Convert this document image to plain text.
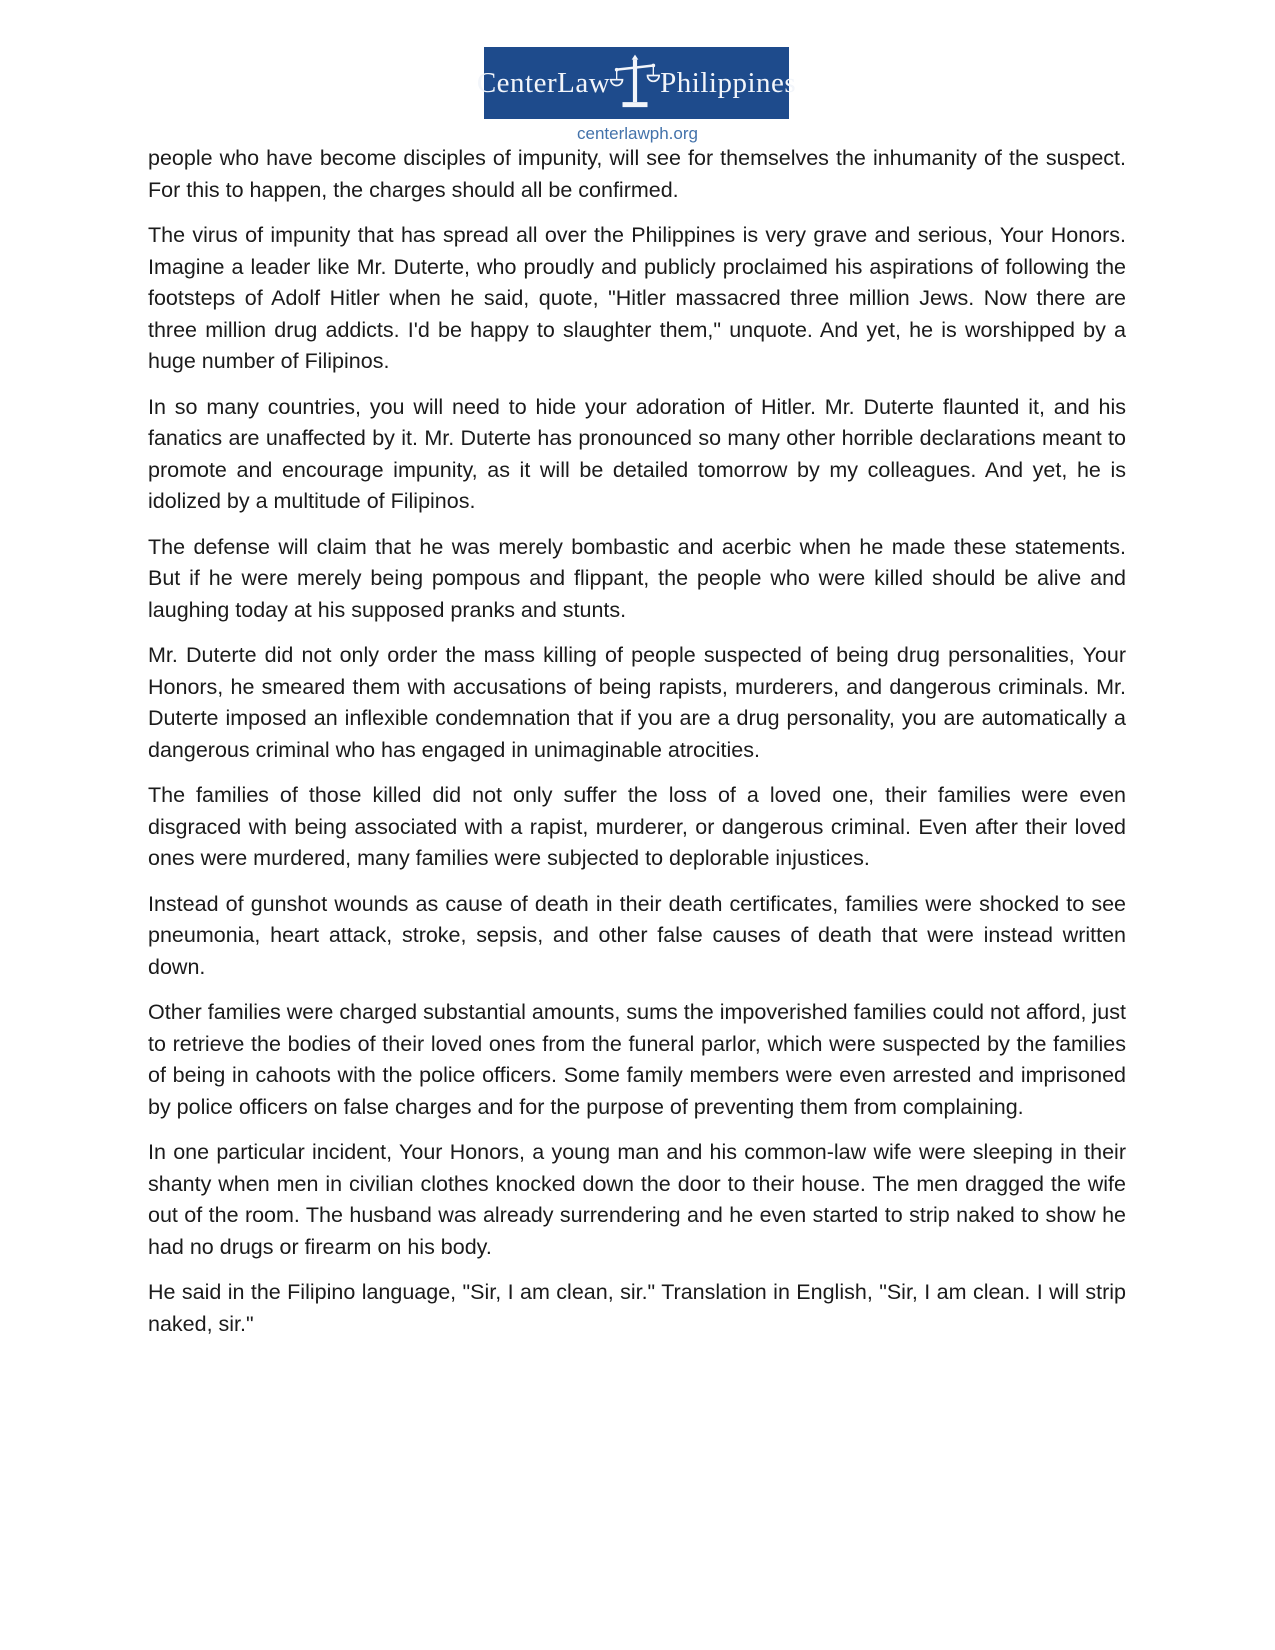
CenterLaw Philippines
centerlawph.org

people who have become disciples of impunity, will see for themselves the inhumanity of the suspect. For this to happen, the charges should all be confirmed.

The virus of impunity that has spread all over the Philippines is very grave and serious, Your Honors. Imagine a leader like Mr. Duterte, who proudly and publicly proclaimed his aspirations of following the footsteps of Adolf Hitler when he said, quote, "Hitler massacred three million Jews. Now there are three million drug addicts. I'd be happy to slaughter them," unquote. And yet, he is worshipped by a huge number of Filipinos.

In so many countries, you will need to hide your adoration of Hitler. Mr. Duterte flaunted it, and his fanatics are unaffected by it. Mr. Duterte has pronounced so many other horrible declarations meant to promote and encourage impunity, as it will be detailed tomorrow by my colleagues. And yet, he is idolized by a multitude of Filipinos.

The defense will claim that he was merely bombastic and acerbic when he made these statements. But if he were merely being pompous and flippant, the people who were killed should be alive and laughing today at his supposed pranks and stunts.

Mr. Duterte did not only order the mass killing of people suspected of being drug personalities, Your Honors, he smeared them with accusations of being rapists, murderers, and dangerous criminals. Mr. Duterte imposed an inflexible condemnation that if you are a drug personality, you are automatically a dangerous criminal who has engaged in unimaginable atrocities.

The families of those killed did not only suffer the loss of a loved one, their families were even disgraced with being associated with a rapist, murderer, or dangerous criminal. Even after their loved ones were murdered, many families were subjected to deplorable injustices.

Instead of gunshot wounds as cause of death in their death certificates, families were shocked to see pneumonia, heart attack, stroke, sepsis, and other false causes of death that were instead written down.

Other families were charged substantial amounts, sums the impoverished families could not afford, just to retrieve the bodies of their loved ones from the funeral parlor, which were suspected by the families of being in cahoots with the police officers. Some family members were even arrested and imprisoned by police officers on false charges and for the purpose of preventing them from complaining.

In one particular incident, Your Honors, a young man and his common-law wife were sleeping in their shanty when men in civilian clothes knocked down the door to their house. The men dragged the wife out of the room. The husband was already surrendering and he even started to strip naked to show he had no drugs or firearm on his body.

He said in the Filipino language, "Sir, I am clean, sir." Translation in English, "Sir, I am clean. I will strip naked, sir."
